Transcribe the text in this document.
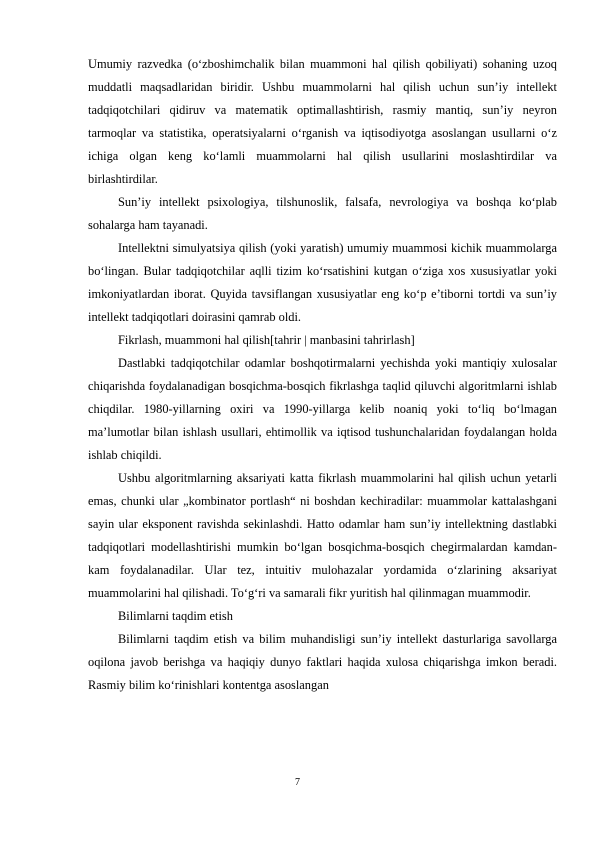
Umumiy razvedka (o‘zboshimchalik bilan muammoni hal qilish qobiliyati) sohaning uzoq muddatli maqsadlaridan biridir. Ushbu muammolarni hal qilish uchun sun’iy intellekt tadqiqotchilari qidiruv va matematik optimallashtirish, rasmiy mantiq, sun’iy neyron tarmoqlar va statistika, operatsiyalarni o‘rganish va iqtisodiyotga asoslangan usullarni o‘z ichiga olgan keng ko‘lamli muammolarni hal qilish usullarini moslashtirdilar va birlashtirdilar.

Sun’iy intellekt psixologiya, tilshunoslik, falsafa, nevrologiya va boshqa ko‘plab sohalarga ham tayanadi.

Intellektni simulyatsiya qilish (yoki yaratish) umumiy muammosi kichik muammolarga bo‘lingan. Bular tadqiqotchilar aqlli tizim ko‘rsatishini kutgan o‘ziga xos xususiyatlar yoki imkoniyatlardan iborat. Quyida tavsiflangan xususiyatlar eng ko‘p e’tiborni tortdi va sun’iy intellekt tadqiqotlari doirasini qamrab oldi.

Fikrlash, muammoni hal qilish[tahrir | manbasini tahrirlash]

Dastlabki tadqiqotchilar odamlar boshqotirmalarni yechishda yoki mantiqiy xulosalar chiqarishda foydalanadigan bosqichma-bosqich fikrlashga taqlid qiluvchi algoritmlarni ishlab chiqdilar. 1980-yillarning oxiri va 1990-yillarga kelib noaniq yoki to‘liq bo‘lmagan ma’lumotlar bilan ishlash usullari, ehtimollik va iqtisod tushunchalaridan foydalangan holda ishlab chiqildi.

Ushbu algoritmlarning aksariyati katta fikrlash muammolarini hal qilish uchun yetarli emas, chunki ular „kombinator portlash“ ni boshdan kechiradilar: muammolar kattalashgani sayin ular eksponent ravishda sekinlashdi. Hatto odamlar ham sun’iy intellektning dastlabki tadqiqotlari modellashtirishi mumkin bo‘lgan bosqichma-bosqich chegirmalardan kamdan-kam foydalanadilar. Ular tez, intuitiv mulohazalar yordamida o‘zlarining aksariyat muammolarini hal qilishadi. To‘g‘ri va samarali fikr yuritish hal qilinmagan muammodir.

Bilimlarni taqdim etish

Bilimlarni taqdim etish va bilim muhandisligi sun’iy intellekt dasturlariga savollarga oqilona javob berishga va haqiqiy dunyo faktlari haqida xulosa chiqarishga imkon beradi. Rasmiy bilim ko‘rinishlari kontentga asoslangan

7
